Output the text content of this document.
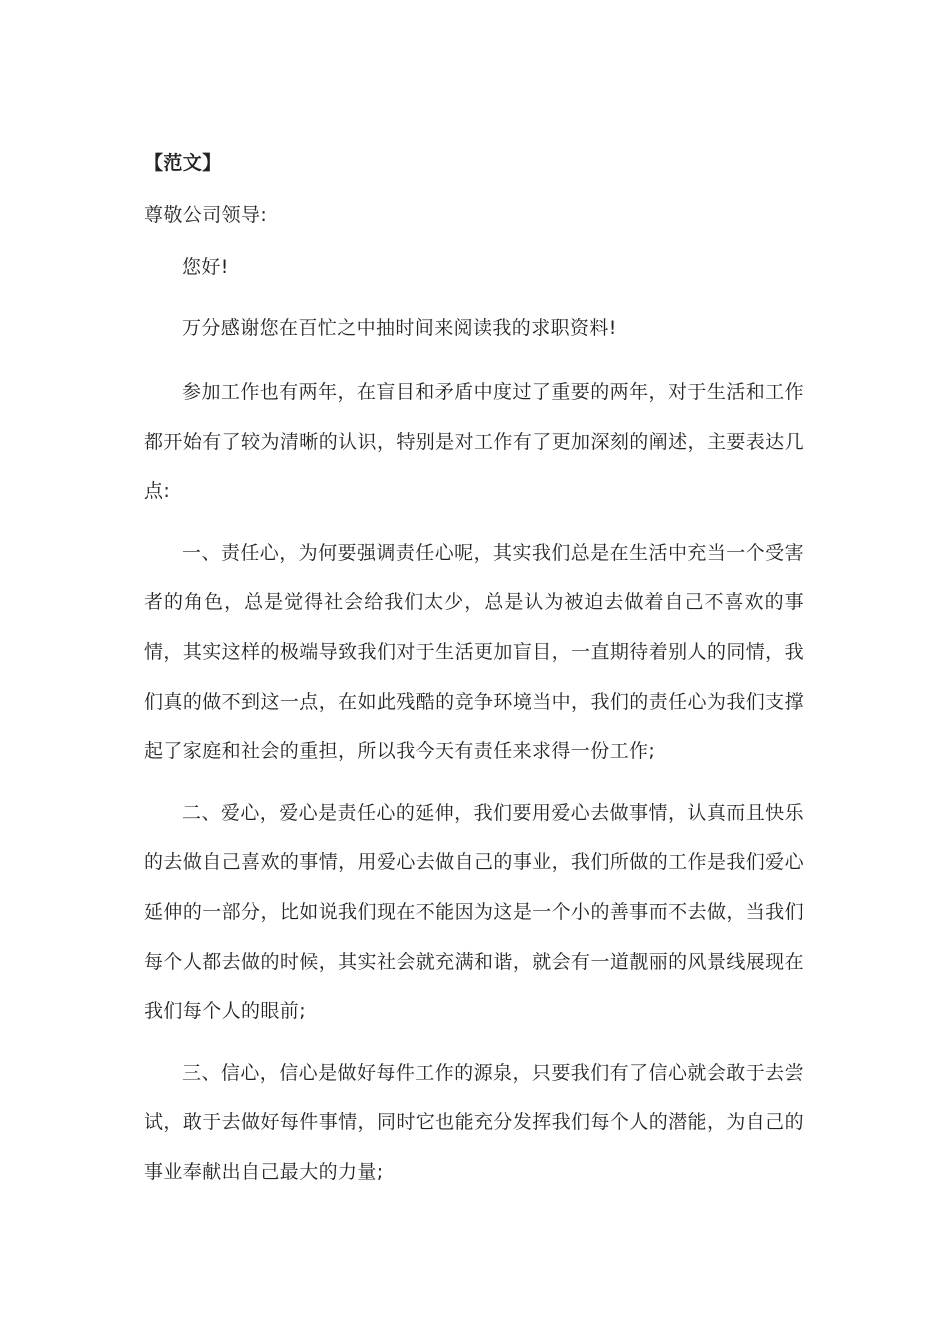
【范文】
尊敬公司领导:
您好!
万分感谢您在百忙之中抽时间来阅读我的求职资料!
参加工作也有两年，在盲目和矛盾中度过了重要的两年，对于生活和工作都开始有了较为清晰的认识，特别是对工作有了更加深刻的阐述，主要表达几点:
一、责任心，为何要强调责任心呢，其实我们总是在生活中充当一个受害者的角色，总是觉得社会给我们太少，总是认为被迫去做着自己不喜欢的事情，其实这样的极端导致我们对于生活更加盲目，一直期待着别人的同情，我们真的做不到这一点，在如此残酷的竞争环境当中，我们的责任心为我们支撑起了家庭和社会的重担，所以我今天有责任来求得一份工作;
二、爱心，爱心是责任心的延伸，我们要用爱心去做事情，认真而且快乐的去做自己喜欢的事情，用爱心去做自己的事业，我们所做的工作是我们爱心延伸的一部分，比如说我们现在不能因为这是一个小的善事而不去做，当我们每个人都去做的时候，其实社会就充满和谐，就会有一道靓丽的风景线展现在我们每个人的眼前;
三、信心，信心是做好每件工作的源泉，只要我们有了信心就会敢于去尝试，敢于去做好每件事情，同时它也能充分发挥我们每个人的潜能，为自己的事业奉献出自己最大的力量;
